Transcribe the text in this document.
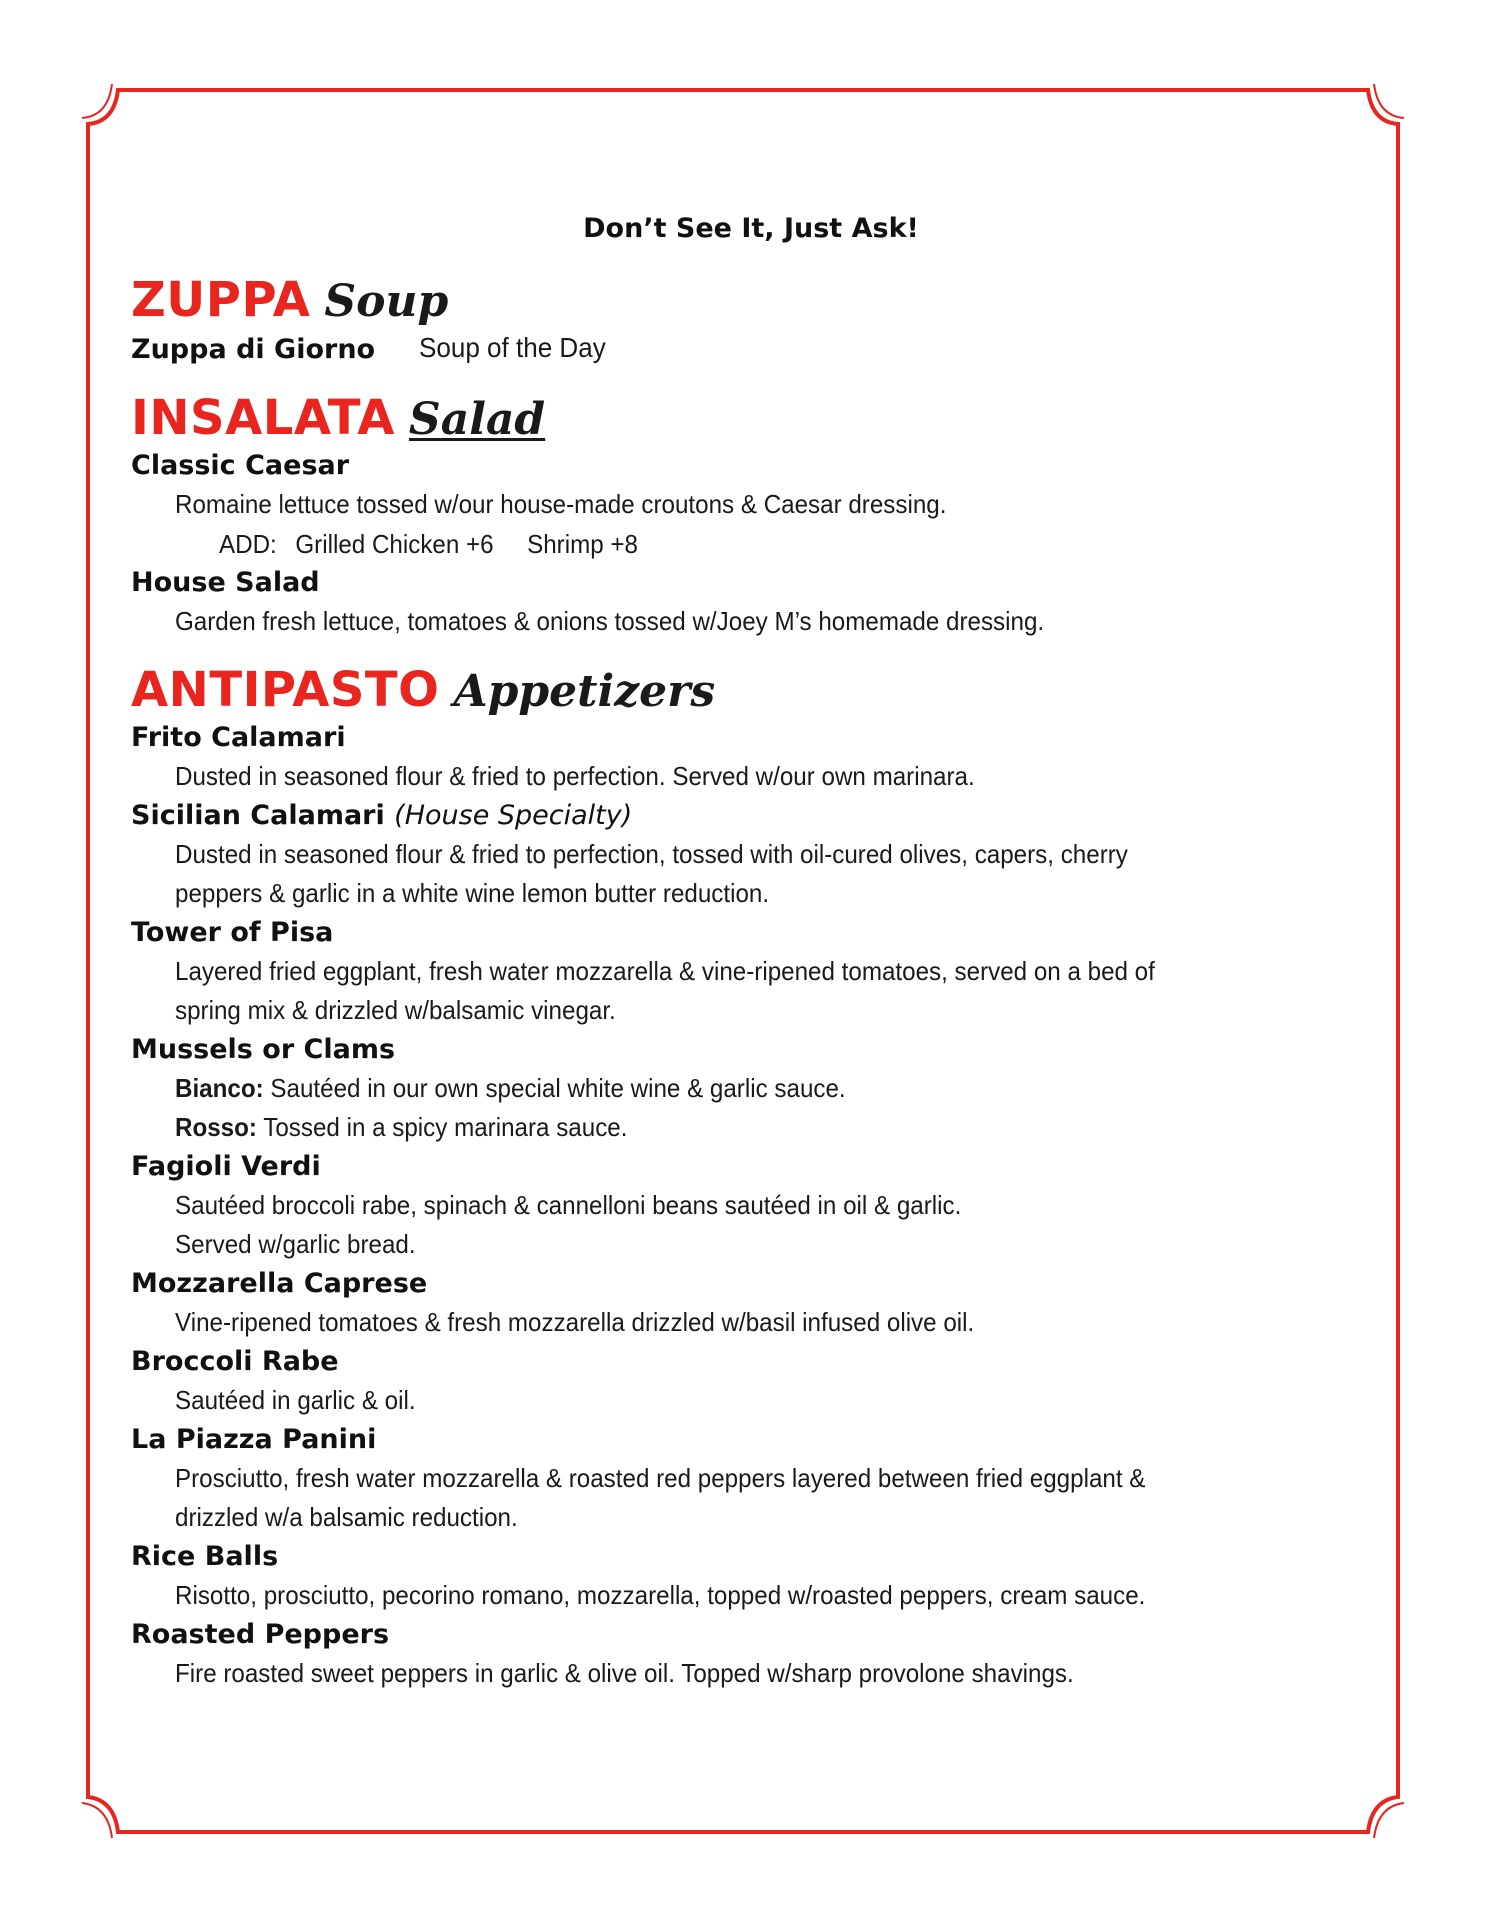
Don’t See It, Just Ask!

ZUPPA Soup

Zuppa di Giorno Soup of the Day

INSALATA Salad

Classic Caesar

Romaine lettuce tossed w/our house-made croutons & Caesar dressing.

ADD: Grilled Chicken +6 Shrimp +8

House Salad

Garden fresh lettuce, tomatoes & onions tossed w/Joey M’s homemade dressing.

ANTIPASTO Appetizers

Frito Calamari

Dusted in seasoned flour & fried to perfection. Served w/our own marinara.

Sicilian Calamari (House Specialty)

Dusted in seasoned flour & fried to perfection, tossed with oil-cured olives, capers, cherry

peppers & garlic in a white wine lemon butter reduction.

Tower of Pisa

Layered fried eggplant, fresh water mozzarella & vine-ripened tomatoes, served on a bed of

spring mix & drizzled w/balsamic vinegar.

Mussels or Clams

Bianco: Sautéed in our own special white wine & garlic sauce.

Rosso: Tossed in a spicy marinara sauce.

Fagioli Verdi

Sautéed broccoli rabe, spinach & cannelloni beans sautéed in oil & garlic.

Served w/garlic bread.

Mozzarella Caprese

Vine-ripened tomatoes & fresh mozzarella drizzled w/basil infused olive oil.

Broccoli Rabe

Sautéed in garlic & oil.

La Piazza Panini

Prosciutto, fresh water mozzarella & roasted red peppers layered between fried eggplant &

drizzled w/a balsamic reduction.

Rice Balls

Risotto, prosciutto, pecorino romano, mozzarella, topped w/roasted peppers, cream sauce.

Roasted Peppers

Fire roasted sweet peppers in garlic & olive oil. Topped w/sharp provolone shavings.
